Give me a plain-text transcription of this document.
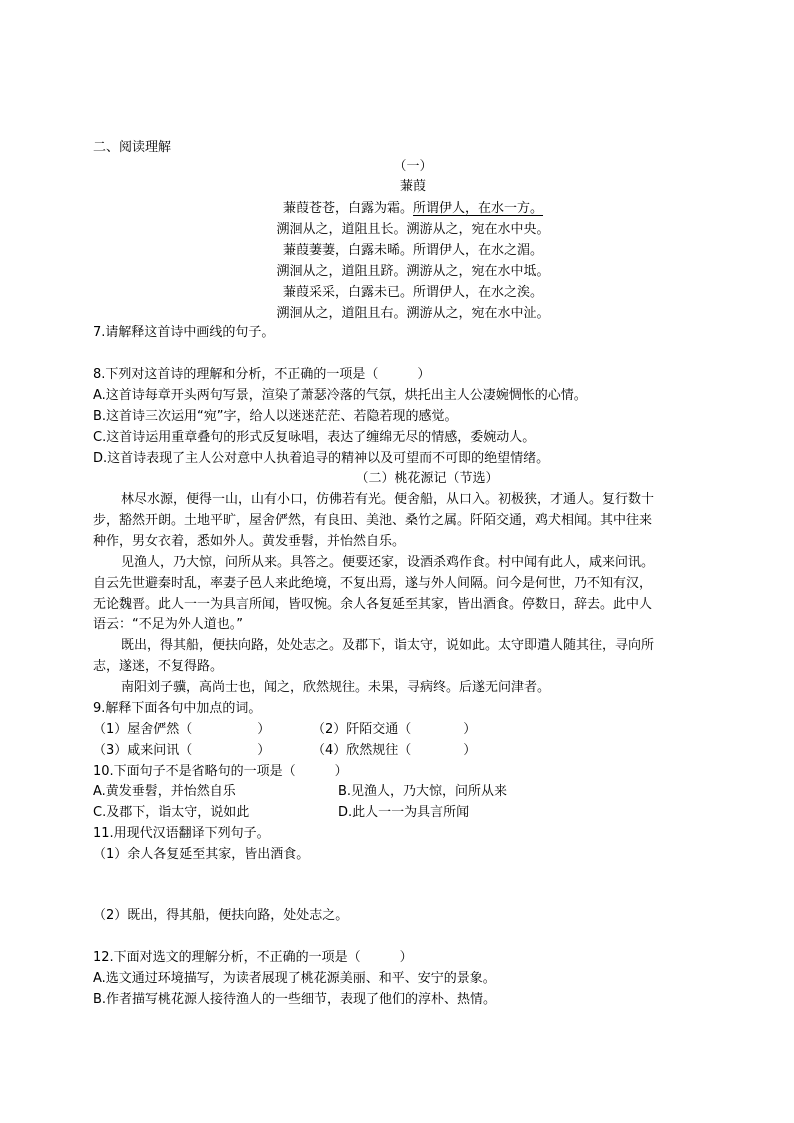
二、阅读理解
（一）
蒹葭
蒹葭苍苍，白露为霜。所谓伊人，在水一方。
溯洄从之，道阻且长。溯游从之，宛在水中央。
蒹葭萋萋，白露未晞。所谓伊人，在水之湄。
溯洄从之，道阻且跻。溯游从之，宛在水中坻。
蒹葭采采，白露未已。所谓伊人，在水之涘。
溯洄从之，道阻且右。溯游从之，宛在水中沚。
7.请解释这首诗中画线的句子。
8.下列对这首诗的理解和分析，不正确的一项是（　　　）
A.这首诗每章开头两句写景，渲染了萧瑟冷落的气氛，烘托出主人公凄婉惆怅的心情。
B.这首诗三次运用“宛”字，给人以迷迷茫茫、若隐若现的感觉。
C.这首诗运用重章叠句的形式反复咏唱，表达了缠绵无尽的情感，委婉动人。
D.这首诗表现了主人公对意中人执着追寻的精神以及可望而不可即的绝望情绪。
（二）桃花源记（节选）
林尽水源，便得一山，山有小口，仿佛若有光。便舍船，从口入。初极狭，才通人。复行数十
步，豁然开朗。土地平旷，屋舍俨然，有良田、美池、桑竹之属。阡陌交通，鸡犬相闻。其中往来
种作，男女衣着，悉如外人。黄发垂髫，并怡然自乐。
见渔人，乃大惊，问所从来。具答之。便要还家，设酒杀鸡作食。村中闻有此人，咸来问讯。
自云先世避秦时乱，率妻子邑人来此绝境，不复出焉，遂与外人间隔。问今是何世，乃不知有汉，
无论魏晋。此人一一为具言所闻，皆叹惋。余人各复延至其家，皆出酒食。停数日，辞去。此中人
语云：“不足为外人道也。”
既出，得其船，便扶向路，处处志之。及郡下，诣太守，说如此。太守即遣人随其往，寻向所
志，遂迷，不复得路。
南阳刘子骥，高尚士也，闻之，欣然规往。未果，寻病终。后遂无问津者。
9.解释下面各句中加点的词。
（1）屋舍俨然（　　　　　）	（2）阡陌交通（　　　　）
（3）咸来问讯（　　　　　）	（4）欣然规往（　　　　）
10.下面句子不是省略句的一项是（　　　）
A.黄发垂髫，并怡然自乐	B.见渔人，乃大惊，问所从来
C.及郡下，诣太守，说如此	D.此人一一为具言所闻
11.用现代汉语翻译下列句子。
（1）余人各复延至其家，皆出酒食。
（2）既出，得其船，便扶向路，处处志之。
12.下面对选文的理解分析，不正确的一项是（　　　）
A.选文通过环境描写，为读者展现了桃花源美丽、和平、安宁的景象。
B.作者描写桃花源人接待渔人的一些细节，表现了他们的淳朴、热情。
